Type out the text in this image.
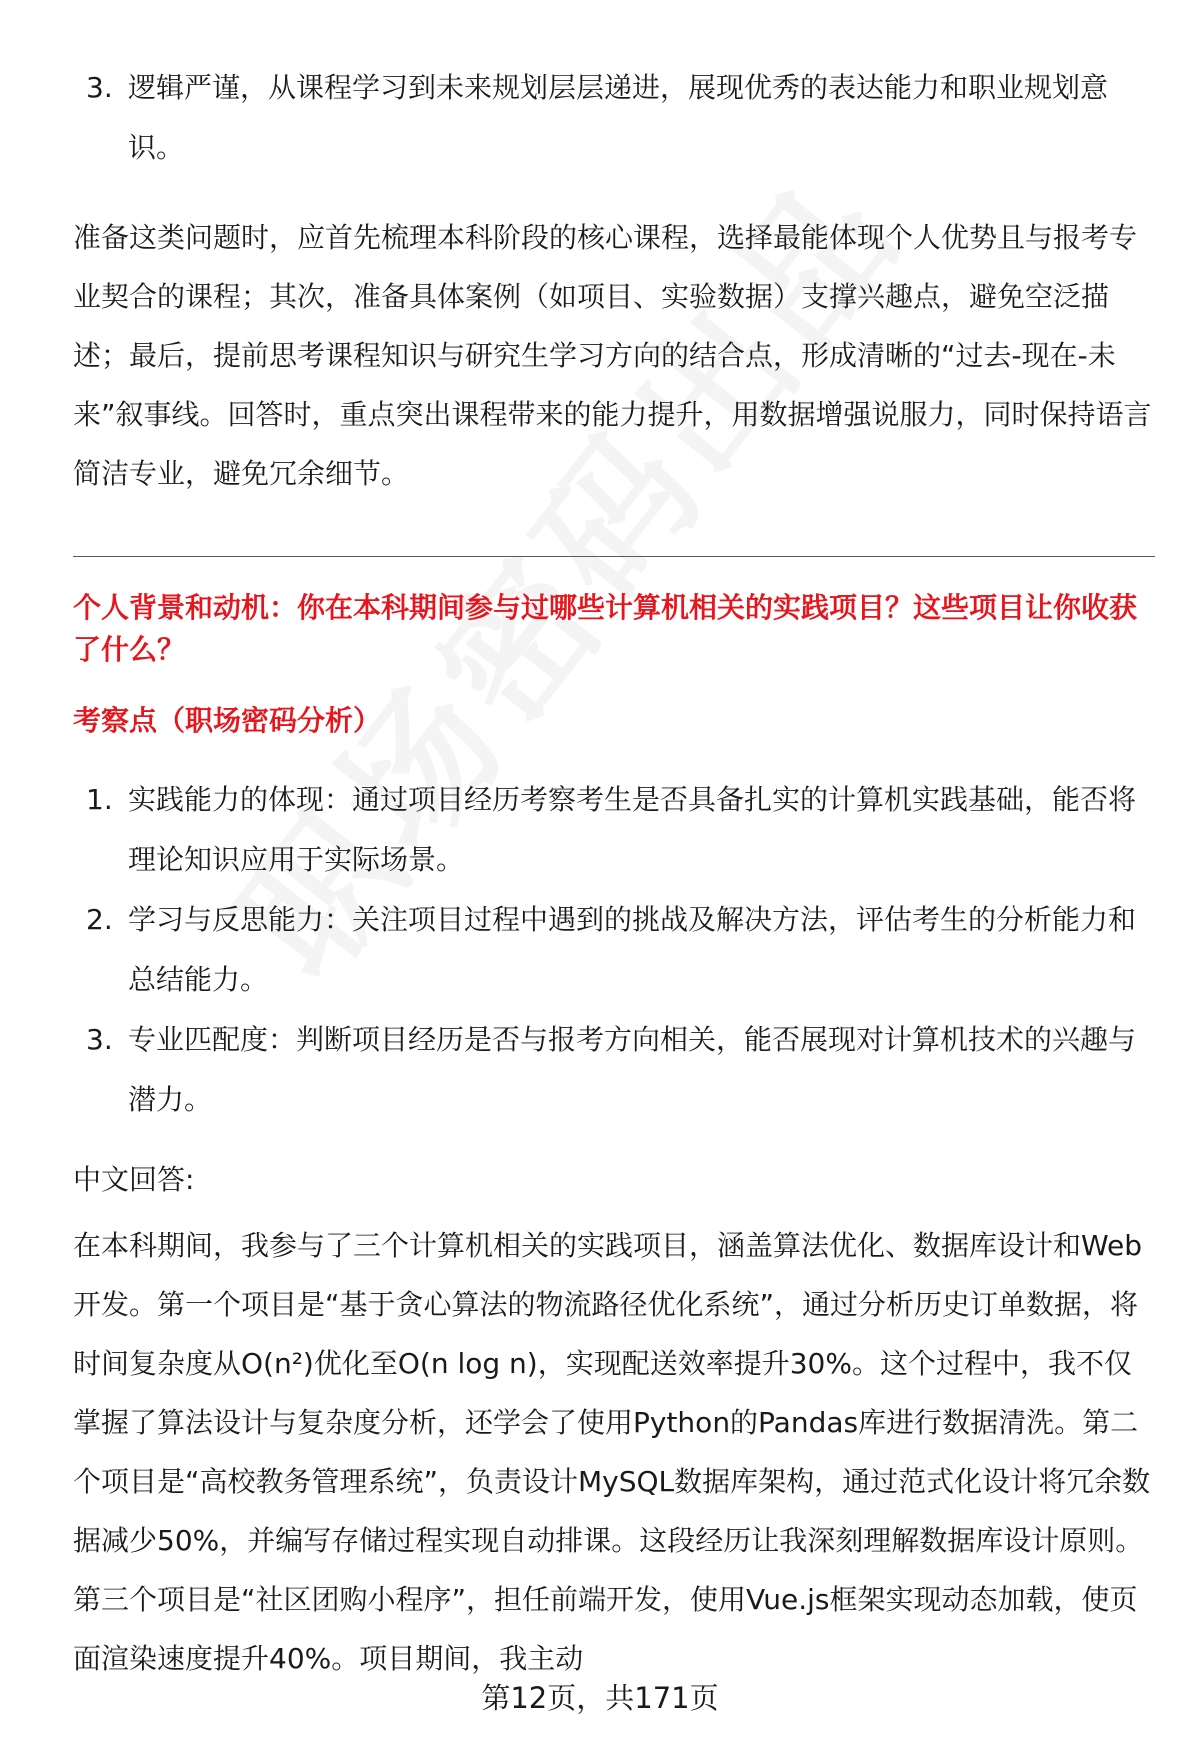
3. 逻辑严谨，从课程学习到未来规划层层递进，展现优秀的表达能力和职业规划意识。
准备这类问题时，应首先梳理本科阶段的核心课程，选择最能体现个人优势且与报考专业契合的课程；其次，准备具体案例（如项目、实验数据）支撑兴趣点，避免空泛描述；最后，提前思考课程知识与研究生学习方向的结合点，形成清晰的“过去-现在-未来”叙事线。回答时，重点突出课程带来的能力提升，用数据增强说服力，同时保持语言简洁专业，避免冗余细节。
个人背景和动机：你在本科期间参与过哪些计算机相关的实践项目？这些项目让你收获了什么？
考察点（职场密码分析）
1. 实践能力的体现：通过项目经历考察考生是否具备扎实的计算机实践基础，能否将理论知识应用于实际场景。
2. 学习与反思能力：关注项目过程中遇到的挑战及解决方法，评估考生的分析能力和总结能力。
3. 专业匹配度：判断项目经历是否与报考方向相关，能否展现对计算机技术的兴趣与潜力。
中文回答:
在本科期间，我参与了三个计算机相关的实践项目，涵盖算法优化、数据库设计和Web开发。第一个项目是“基于贪心算法的物流路径优化系统”，通过分析历史订单数据，将时间复杂度从O(n²)优化至O(n log n)，实现配送效率提升30%。这个过程中，我不仅掌握了算法设计与复杂度分析，还学会了使用Python的Pandas库进行数据清洗。第二个项目是“高校教务管理系统”，负责设计MySQL数据库架构，通过范式化设计将冗余数据减少50%，并编写存储过程实现自动排课。这段经历让我深刻理解数据库设计原则。第三个项目是“社区团购小程序”，担任前端开发，使用Vue.js框架实现动态加载，使页面渲染速度提升40%。项目期间，我主动
第12页，共171页
